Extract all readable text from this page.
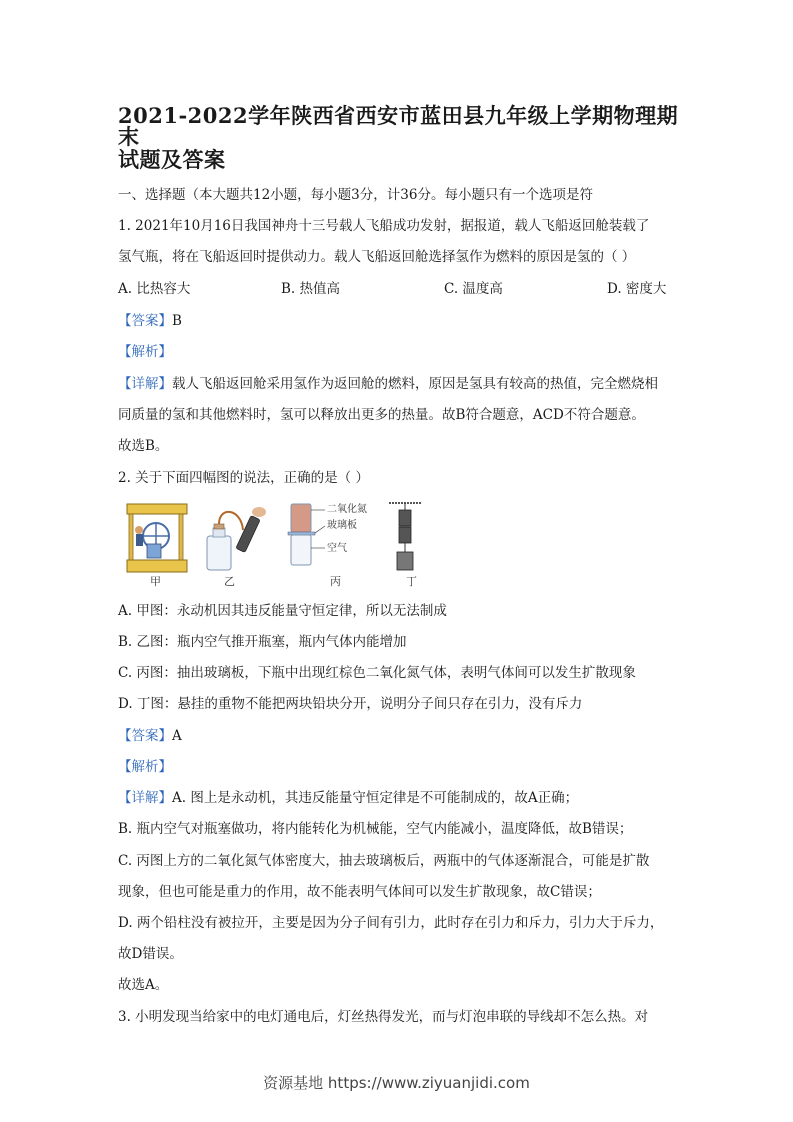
2021-2022学年陕西省西安市蓝田县九年级上学期物理期末
试题及答案
一、选择题（本大题共12小题，每小题3分，计36分。每小题只有一个选项是符
1. 2021年10月16日我国神舟十三号载人飞船成功发射，据报道，载人飞船返回舱装载了
氢气瓶，将在飞船返回时提供动力。载人飞船返回舱选择氢作为燃料的原因是氢的（ ）
A. 比热容大	B. 热值高	C. 温度高	D. 密度大
【答案】B
【解析】
【详解】载人飞船返回舱采用氢作为返回舱的燃料，原因是氢具有较高的热值，完全燃烧相
同质量的氢和其他燃料时，氢可以释放出更多的热量。故B符合题意，ACD不符合题意。
故选B。
2. 关于下面四幅图的说法，正确的是（ ）
二氧化氮
玻璃板
空气
甲	乙	丙	丁
A. 甲图：永动机因其违反能量守恒定律，所以无法制成
B. 乙图：瓶内空气推开瓶塞，瓶内气体内能增加
C. 丙图：抽出玻璃板，下瓶中出现红棕色二氧化氮气体，表明气体间可以发生扩散现象
D. 丁图：悬挂的重物不能把两块铅块分开，说明分子间只存在引力，没有斥力
【答案】A
【解析】
【详解】A. 图上是永动机，其违反能量守恒定律是不可能制成的，故A正确；
B. 瓶内空气对瓶塞做功，将内能转化为机械能，空气内能减小，温度降低，故B错误；
C. 丙图上方的二氧化氮气体密度大，抽去玻璃板后，两瓶中的气体逐渐混合，可能是扩散
现象，但也可能是重力的作用，故不能表明气体间可以发生扩散现象，故C错误；
D. 两个铅柱没有被拉开，主要是因为分子间有引力，此时存在引力和斥力，引力大于斥力，
故D错误。
故选A。
3. 小明发现当给家中的电灯通电后，灯丝热得发光，而与灯泡串联的导线却不怎么热。对
资源基地 https://www.ziyuanjidi.com
